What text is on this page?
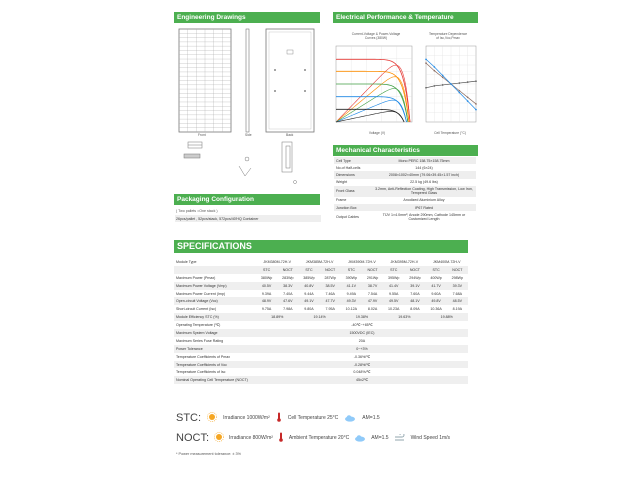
Engineering Drawings	Electrical Performance & Temperature Dependence
Packaging Configuration
Mechanical Characteristics
SPECIFICATIONS
Front	Side	Back
Current-Voltage & Power-Voltage
Curves (380W)
Temperature Dependence
of Isc,Voc,Pmax
Voltage (V)	Cell Temperature (°C)
( Two pallets =One stack )
26pcs/pallet , 52pcs/stack, 572pcs/40'HQ Container
Cell Type	Mono PERC 158.75×158.75mm
No.of Half-cells	144 (6×24)
Dimensions	2008×1002×40mm (79.06×39.45×1.57 inch)
Weight	22.5 kg (49.6 lbs)
Front Glass	3.2mm, Anti-Reflection Coating, High Transmission, Low Iron, Tempered Glass
Frame	Anodized Aluminium Alloy
Junction Box	IP67 Rated
Output Cables	TÜV 1×4.0mm²; Anode 290mm, Cathode 145mm or Customized Length
Module Type	JKM380M-72H-V		JKM385M-72H-V		JKM390M-72H-V		JKM395M-72H-V		JKM400M-72H-V	
	STC	NOCT	STC	NOCT	STC	NOCT	STC	NOCT	STC	NOCT
Maximum Power (Pmax)	380Wp	283Wp	385Wp	287Wp	390Wp	291Wp	395Wp	294Wp	400Wp	298Wp
Maximum Power Voltage (Vmp)	40.5V	38.3V	40.8V	38.5V	41.1V	38.7V	41.4V	39.1V	41.7V	39.3V
Maximum Power Current (Imp)	9.39A	7.40A	9.44A	7.46A	9.49A	7.54A	9.55A	7.60A	9.60A	7.68A
Open-circuit Voltage (Voc)	48.9V	47.6V	49.1V	47.7V	49.3V	47.9V	49.5V	48.1V	49.8V	48.5V
Short-circuit Current (Isc)	9.75A	7.98A	9.80A	7.95A	10.12A	8.02A	10.23A	8.09A	10.36A	8.19A
Module Efficiency STC (%)	18.89%		19.14%		19.38%		19.63%		19.88%	
Operating Temperature (℃)	-40℃~+85℃									
Maximum System Voltage	1500VDC (IEC)									
Maximum Series Fuse Rating	20A									
Power Tolerance	0~+3%									
Temperature Coefficients of Pmax	-0.36%/℃									
Temperature Coefficients of Voc	-0.28%/℃									
Temperature Coefficients of Isc	0.048%/℃									
Nominal Operating Cell Temperature (NOCT)	45±2℃									
STC:	Irradiance 1000W/m²	Cell Temperature 25°C	AM=1.5
NOCT:	Irradiance 800W/m²	Ambient Temperature 20°C	AM=1.5	Wind Speed 1m/s
* Power measurement tolerance: ± 3%
